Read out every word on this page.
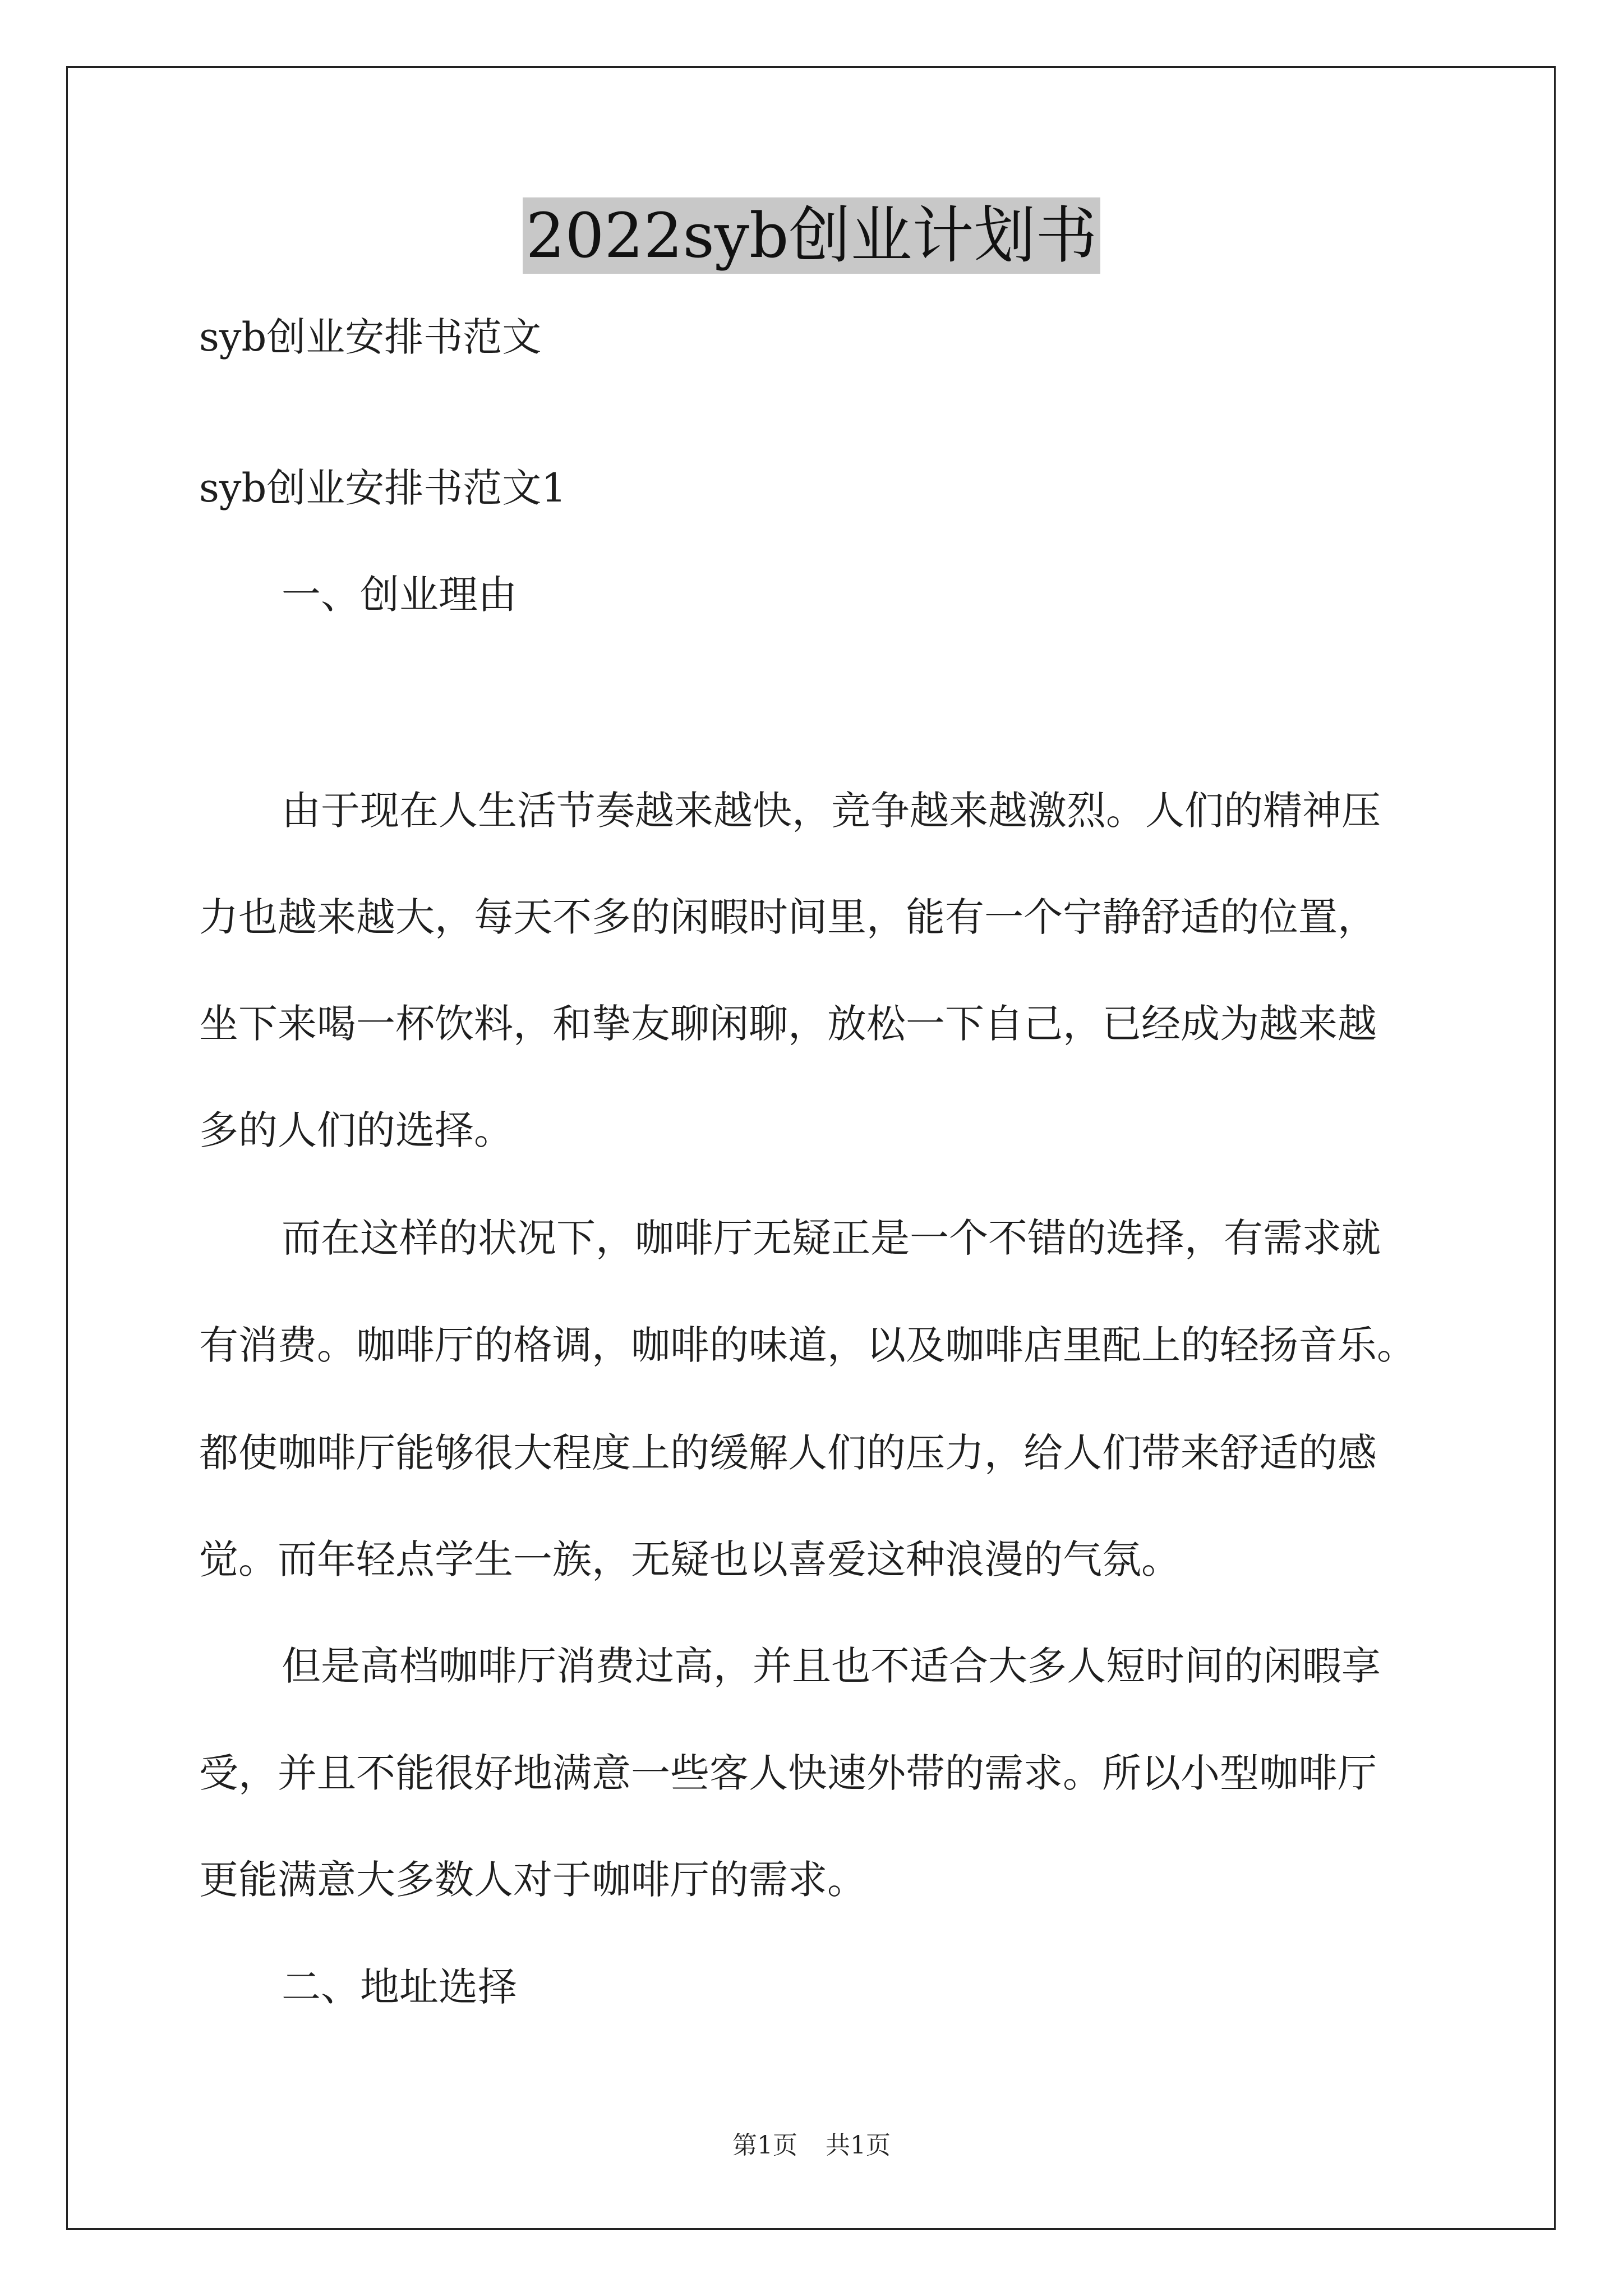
2022syb创业计划书
syb创业安排书范文
syb创业安排书范文1
一、创业理由
由于现在人生活节奏越来越快，竞争越来越激烈。人们的精神压
力也越来越大，每天不多的闲暇时间里，能有一个宁静舒适的位置，
坐下来喝一杯饮料，和挚友聊闲聊，放松一下自己，已经成为越来越
多的人们的选择。
而在这样的状况下，咖啡厅无疑正是一个不错的选择，有需求就
有消费。咖啡厅的格调，咖啡的味道，以及咖啡店里配上的轻扬音乐。
都使咖啡厅能够很大程度上的缓解人们的压力，给人们带来舒适的感
觉。而年轻点学生一族，无疑也以喜爱这种浪漫的气氛。
但是高档咖啡厅消费过高，并且也不适合大多人短时间的闲暇享
受，并且不能很好地满意一些客人快速外带的需求。所以小型咖啡厅
更能满意大多数人对于咖啡厅的需求。
二、地址选择
第1页 共1页
